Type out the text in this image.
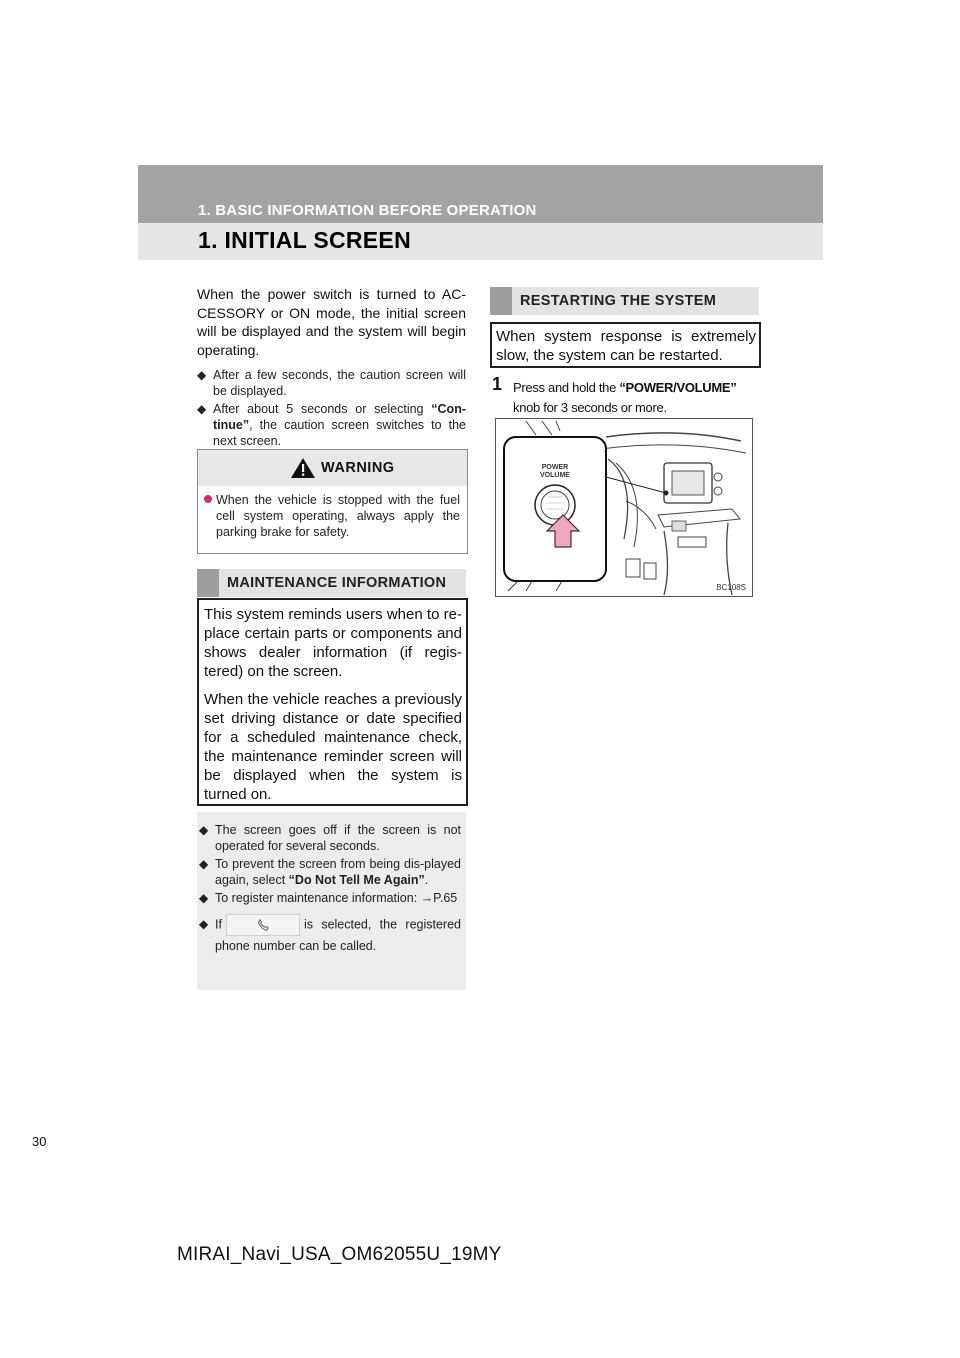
1. BASIC INFORMATION BEFORE OPERATION
1. INITIAL SCREEN
When the power switch is turned to AC-CESSORY or ON mode, the initial screen will be displayed and the system will begin operating.
◆ After a few seconds, the caution screen will be displayed.
◆ After about 5 seconds or selecting “Con-tinue”, the caution screen switches to the next screen.
WARNING
When the vehicle is stopped with the fuel cell system operating, always apply the parking brake for safety.
MAINTENANCE INFORMATION

This system reminds users when to re-place certain parts or components and shows dealer information (if regis-tered) on the screen.

When the vehicle reaches a previously set driving distance or date specified for a scheduled maintenance check, the maintenance reminder screen will be displayed when the system is turned on.

◆ The screen goes off if the screen is not operated for several seconds.
◆ To prevent the screen from being dis-played again, select “Do Not Tell Me Again”.
◆ To register maintenance information: →P.65
◆ If	is selected, the registered phone number can be called.
RESTARTING THE SYSTEM
When system response is extremely slow, the system can be restarted.
1 Press and hold the “POWER/VOLUME” knob for 3 seconds or more.
POWER
VOLUME
BC108S
30
MIRAI_Navi_USA_OM62055U_19MY
